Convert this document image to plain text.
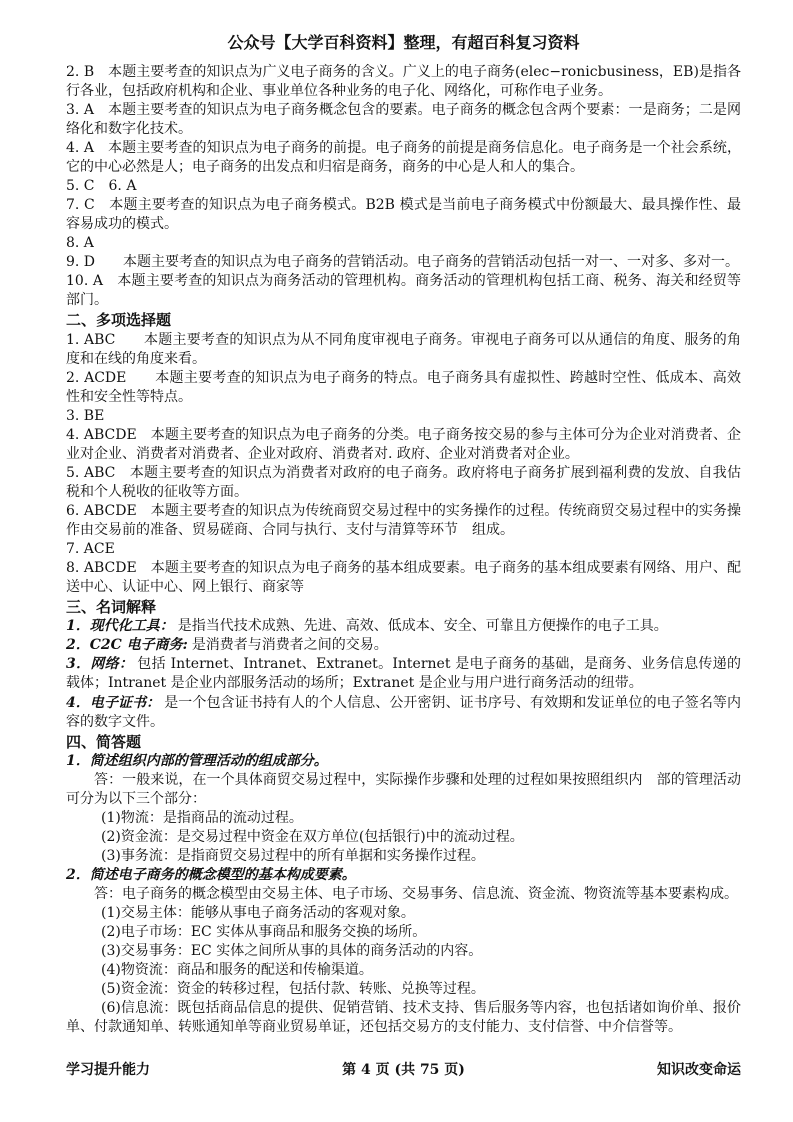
公众号【大学百科资料】整理，有超百科复习资料

2. B　本题主要考查的知识点为广义电子商务的含义。广义上的电子商务(elec−ronicbusiness，EB)是指各行各业，包括政府机构和企业、事业单位各种业务的电子化、网络化，可称作电子业务。

3. A　本题主要考查的知识点为电子商务概念包含的要素。电子商务的概念包含两个要素：一是商务；二是网络化和数字化技术。

4. A　本题主要考查的知识点为电子商务的前提。电子商务的前提是商务信息化。电子商务是一个社会系统，它的中心必然是人；电子商务的出发点和归宿是商务，商务的中心是人和人的集合。

5. C　6. A

7. C　本题主要考查的知识点为电子商务模式。B2B 模式是当前电子商务模式中份额最大、最具操作性、最容易成功的模式。

8. A

9. D　　本题主要考查的知识点为电子商务的营销活动。电子商务的营销活动包括一对一、一对多、多对一。

10. A　本题主要考查的知识点为商务活动的管理机构。商务活动的管理机构包括工商、税务、海关和经贸等部门。

二、多项选择题

1. ABC　　本题主要考查的知识点为从不同角度审视电子商务。审视电子商务可以从通信的角度、服务的角度和在线的角度来看。

2. ACDE　　本题主要考查的知识点为电子商务的特点。电子商务具有虚拟性、跨越时空性、低成本、高效性和安全性等特点。

3. BE

4. ABCDE　本题主要考查的知识点为电子商务的分类。电子商务按交易的参与主体可分为企业对消费者、企业对企业、消费者对消费者、企业对政府、消费者对. 政府、企业对消费者对企业。

5. ABC　本题主要考查的知识点为消费者对政府的电子商务。政府将电子商务扩展到福利费的发放、自我估税和个人税收的征收等方面。

6. ABCDE　本题主要考查的知识点为传统商贸交易过程中的实务操作的过程。传统商贸交易过程中的实务操作由交易前的准备、贸易磋商、合同与执行、支付与清算等环节　组成。

7. ACE

8. ABCDE　本题主要考查的知识点为电子商务的基本组成要素。电子商务的基本组成要素有网络、用户、配送中心、认证中心、网上银行、商家等

三、名词解释

1．现代化工具： 是指当代技术成熟、先进、高效、低成本、安全、可靠且方便操作的电子工具。

2．C2C 电子商务: 是消费者与消费者之间的交易。

3．网络： 包括 Internet、Intranet、Extranet。Internet 是电子商务的基础，是商务、业务信息传递的载体；Intranet 是企业内部服务活动的场所；Extranet 是企业与用户进行商务活动的纽带。

4．电子证书： 是一个包含证书持有人的个人信息、公开密钥、证书序号、有效期和发证单位的电子签名等内容的数字文件。

四、简答题

1．简述组织内部的管理活动的组成部分。

答：一般来说，在一个具体商贸交易过程中，实际操作步骤和处理的过程如果按照组织内　部的管理活动可分为以下三个部分：

(1)物流：是指商品的流动过程。

(2)资金流：是交易过程中资金在双方单位(包括银行)中的流动过程。

(3)事务流：是指商贸交易过程中的所有单据和实务操作过程。

2．简述电子商务的概念模型的基本构成要素。

答：电子商务的概念模型由交易主体、电子市场、交易事务、信息流、资金流、物资流等基本要素构成。

(1)交易主体：能够从事电子商务活动的客观对象。

(2)电子市场：EC 实体从事商品和服务交换的场所。

(3)交易事务：EC 实体之间所从事的具体的商务活动的内容。

(4)物资流：商品和服务的配送和传榆渠道。

(5)资金流：资金的转移过程，包括付款、转账、兑换等过程。

(6)信息流：既包括商品信息的提供、促销营销、技术支持、售后服务等内容，也包括诸如询价单、报价单、付款通知单、转账通知单等商业贸易单证，还包括交易方的支付能力、支付信誉、中介信誉等。

学习提升能力	第 4 页 (共 75 页)	知识改变命运
